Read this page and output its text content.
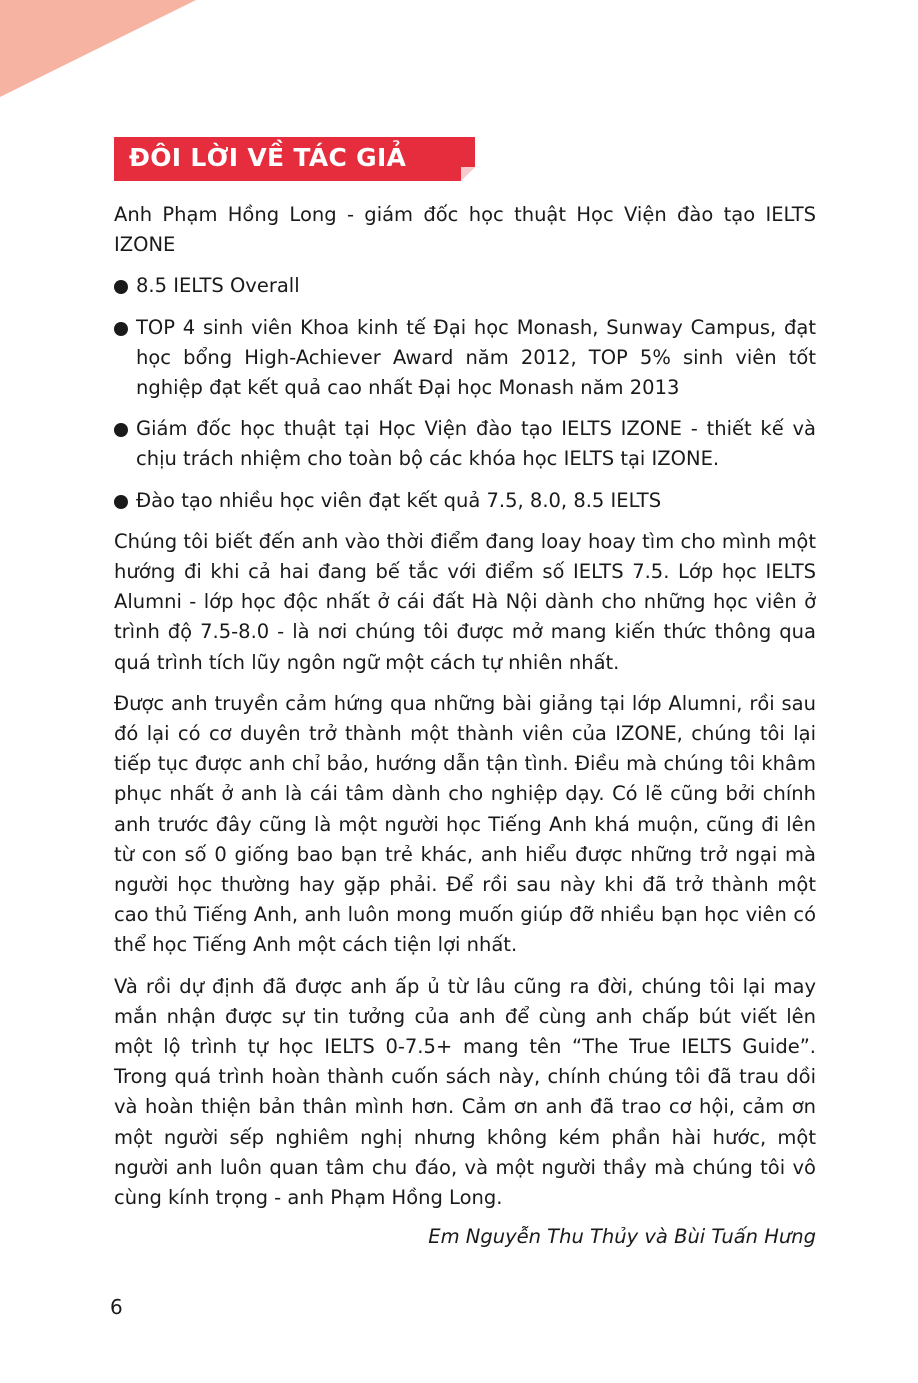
ĐÔI LỜI VỀ TÁC GIẢ

Anh Phạm Hồng Long - giám đốc học thuật Học Viện đào tạo IELTS IZONE

8.5 IELTS Overall
TOP 4 sinh viên Khoa kinh tế Đại học Monash, Sunway Campus, đạt học bổng High-Achiever Award năm 2012, TOP 5% sinh viên tốt nghiệp đạt kết quả cao nhất Đại học Monash năm 2013
Giám đốc học thuật tại Học Viện đào tạo IELTS IZONE - thiết kế và chịu trách nhiệm cho toàn bộ các khóa học IELTS tại IZONE.
Đào tạo nhiều học viên đạt kết quả 7.5, 8.0, 8.5 IELTS

Chúng tôi biết đến anh vào thời điểm đang loay hoay tìm cho mình một hướng đi khi cả hai đang bế tắc với điểm số IELTS 7.5. Lớp học IELTS Alumni - lớp học độc nhất ở cái đất Hà Nội dành cho những học viên ở trình độ 7.5-8.0 - là nơi chúng tôi được mở mang kiến thức thông qua quá trình tích lũy ngôn ngữ một cách tự nhiên nhất.

Được anh truyền cảm hứng qua những bài giảng tại lớp Alumni, rồi sau đó lại có cơ duyên trở thành một thành viên của IZONE, chúng tôi lại tiếp tục được anh chỉ bảo, hướng dẫn tận tình. Điều mà chúng tôi khâm phục nhất ở anh là cái tâm dành cho nghiệp dạy. Có lẽ cũng bởi chính anh trước đây cũng là một người học Tiếng Anh khá muộn, cũng đi lên từ con số 0 giống bao bạn trẻ khác, anh hiểu được những trở ngại mà người học thường hay gặp phải. Để rồi sau này khi đã trở thành một cao thủ Tiếng Anh, anh luôn mong muốn giúp đỡ nhiều bạn học viên có thể học Tiếng Anh một cách tiện lợi nhất.

Và rồi dự định đã được anh ấp ủ từ lâu cũng ra đời, chúng tôi lại may mắn nhận được sự tin tưởng của anh để cùng anh chấp bút viết lên một lộ trình tự học IELTS 0-7.5+ mang tên “The True IELTS Guide”. Trong quá trình hoàn thành cuốn sách này, chính chúng tôi đã trau dồi và hoàn thiện bản thân mình hơn. Cảm ơn anh đã trao cơ hội, cảm ơn một người sếp nghiêm nghị nhưng không kém phần hài hước, một người anh luôn quan tâm chu đáo, và một người thầy mà chúng tôi vô cùng kính trọng - anh Phạm Hồng Long.

Em Nguyễn Thu Thủy và Bùi Tuấn Hưng
6
